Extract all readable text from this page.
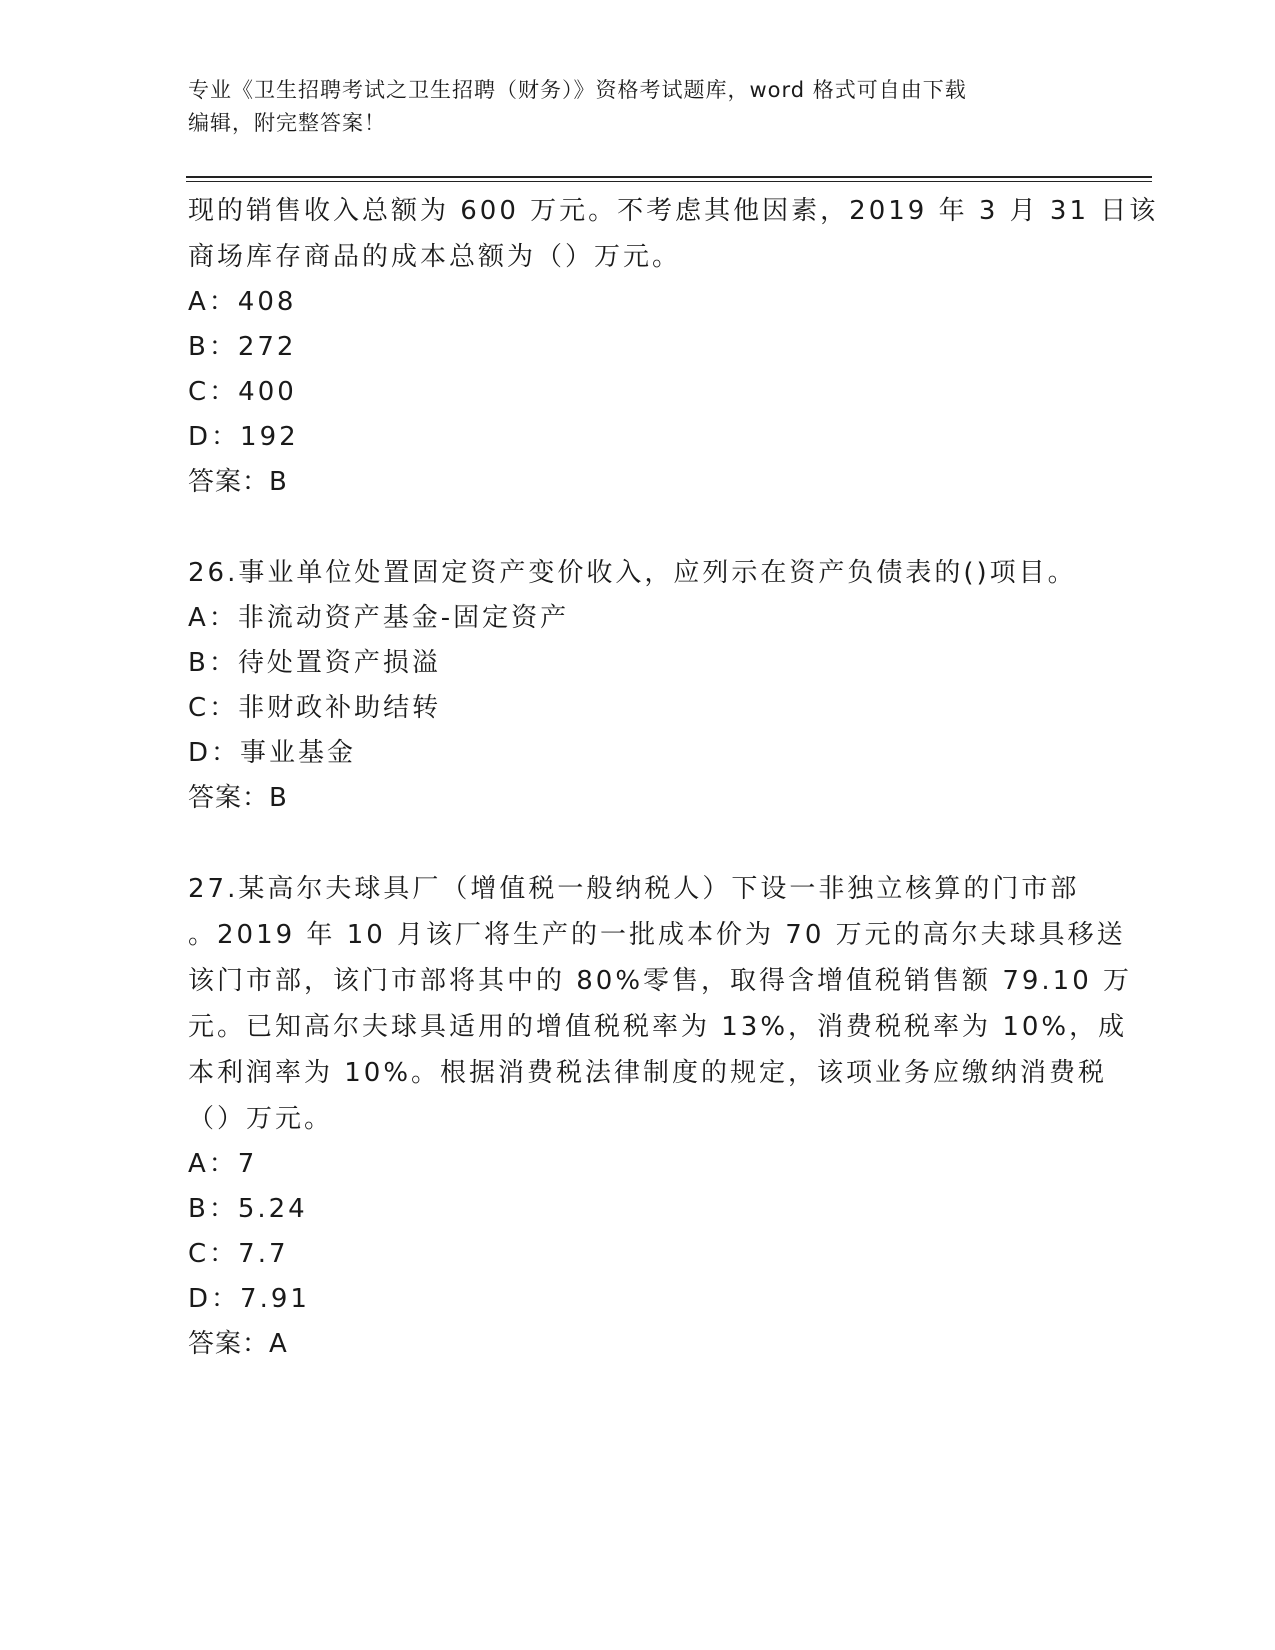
专业《卫生招聘考试之卫生招聘（财务）》资格考试题库，word 格式可自由下载
编辑，附完整答案！
现的销售收入总额为 600 万元。不考虑其他因素，2019 年 3 月 31 日该
商场库存商品的成本总额为（）万元。
A：408
B：272
C：400
D：192
答案：B
26.事业单位处置固定资产变价收入，应列示在资产负债表的()项目。
A：非流动资产基金-固定资产
B：待处置资产损溢
C：非财政补助结转
D：事业基金
答案：B
27.某高尔夫球具厂（增值税一般纳税人）下设一非独立核算的门市部
。2019 年 10 月该厂将生产的一批成本价为 70 万元的高尔夫球具移送
该门市部，该门市部将其中的 80%零售，取得含增值税销售额 79.10 万
元。已知高尔夫球具适用的增值税税率为 13%，消费税税率为 10%，成
本利润率为 10%。根据消费税法律制度的规定，该项业务应缴纳消费税
（）万元。
A：7
B：5.24
C：7.7
D：7.91
答案：A
